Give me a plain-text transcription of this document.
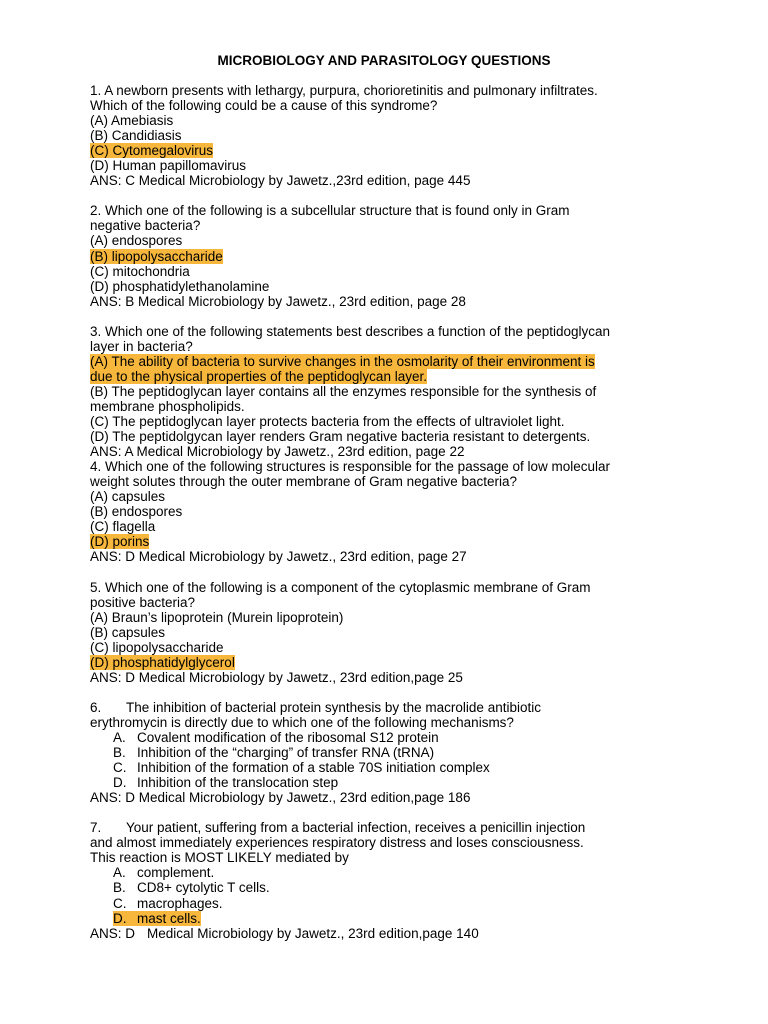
MICROBIOLOGY AND PARASITOLOGY QUESTIONS
1. A newborn presents with lethargy, purpura, chorioretinitis and pulmonary infiltrates.
Which of the following could be a cause of this syndrome?
(A) Amebiasis
(B) Candidiasis
(C) Cytomegalovirus
(D) Human papillomavirus
ANS: C Medical Microbiology by Jawetz.,23rd edition, page 445
2. Which one of the following is a subcellular structure that is found only in Gram
negative bacteria?
(A) endospores
(B) lipopolysaccharide
(C) mitochondria
(D) phosphatidylethanolamine
ANS: B Medical Microbiology by Jawetz., 23rd edition, page 28
3. Which one of the following statements best describes a function of the peptidoglycan
layer in bacteria?
(A) The ability of bacteria to survive changes in the osmolarity of their environment is
due to the physical properties of the peptidoglycan layer.
(B) The peptidoglycan layer contains all the enzymes responsible for the synthesis of
membrane phospholipids.
(C) The peptidoglycan layer protects bacteria from the effects of ultraviolet light.
(D) The peptidolgycan layer renders Gram negative bacteria resistant to detergents.
ANS: A Medical Microbiology by Jawetz., 23rd edition, page 22
4. Which one of the following structures is responsible for the passage of low molecular
weight solutes through the outer membrane of Gram negative bacteria?
(A) capsules
(B) endospores
(C) flagella
(D) porins
ANS: D Medical Microbiology by Jawetz., 23rd edition, page 27
5. Which one of the following is a component of the cytoplasmic membrane of Gram
positive bacteria?
(A) Braun’s lipoprotein (Murein lipoprotein)
(B) capsules
(C) lipopolysaccharide
(D) phosphatidylglycerol
ANS: D Medical Microbiology by Jawetz., 23rd edition,page 25
6. The inhibition of bacterial protein synthesis by the macrolide antibiotic
erythromycin is directly due to which one of the following mechanisms?
A. Covalent modification of the ribosomal S12 protein
B. Inhibition of the “charging” of transfer RNA (tRNA)
C. Inhibition of the formation of a stable 70S initiation complex
D. Inhibition of the translocation step
ANS: D Medical Microbiology by Jawetz., 23rd edition,page 186
7. Your patient, suffering from a bacterial infection, receives a penicillin injection
and almost immediately experiences respiratory distress and loses consciousness.
This reaction is MOST LIKELY mediated by
A. complement.
B. CD8+ cytolytic T cells.
C. macrophages.
D. mast cells.
ANS: D Medical Microbiology by Jawetz., 23rd edition,page 140
